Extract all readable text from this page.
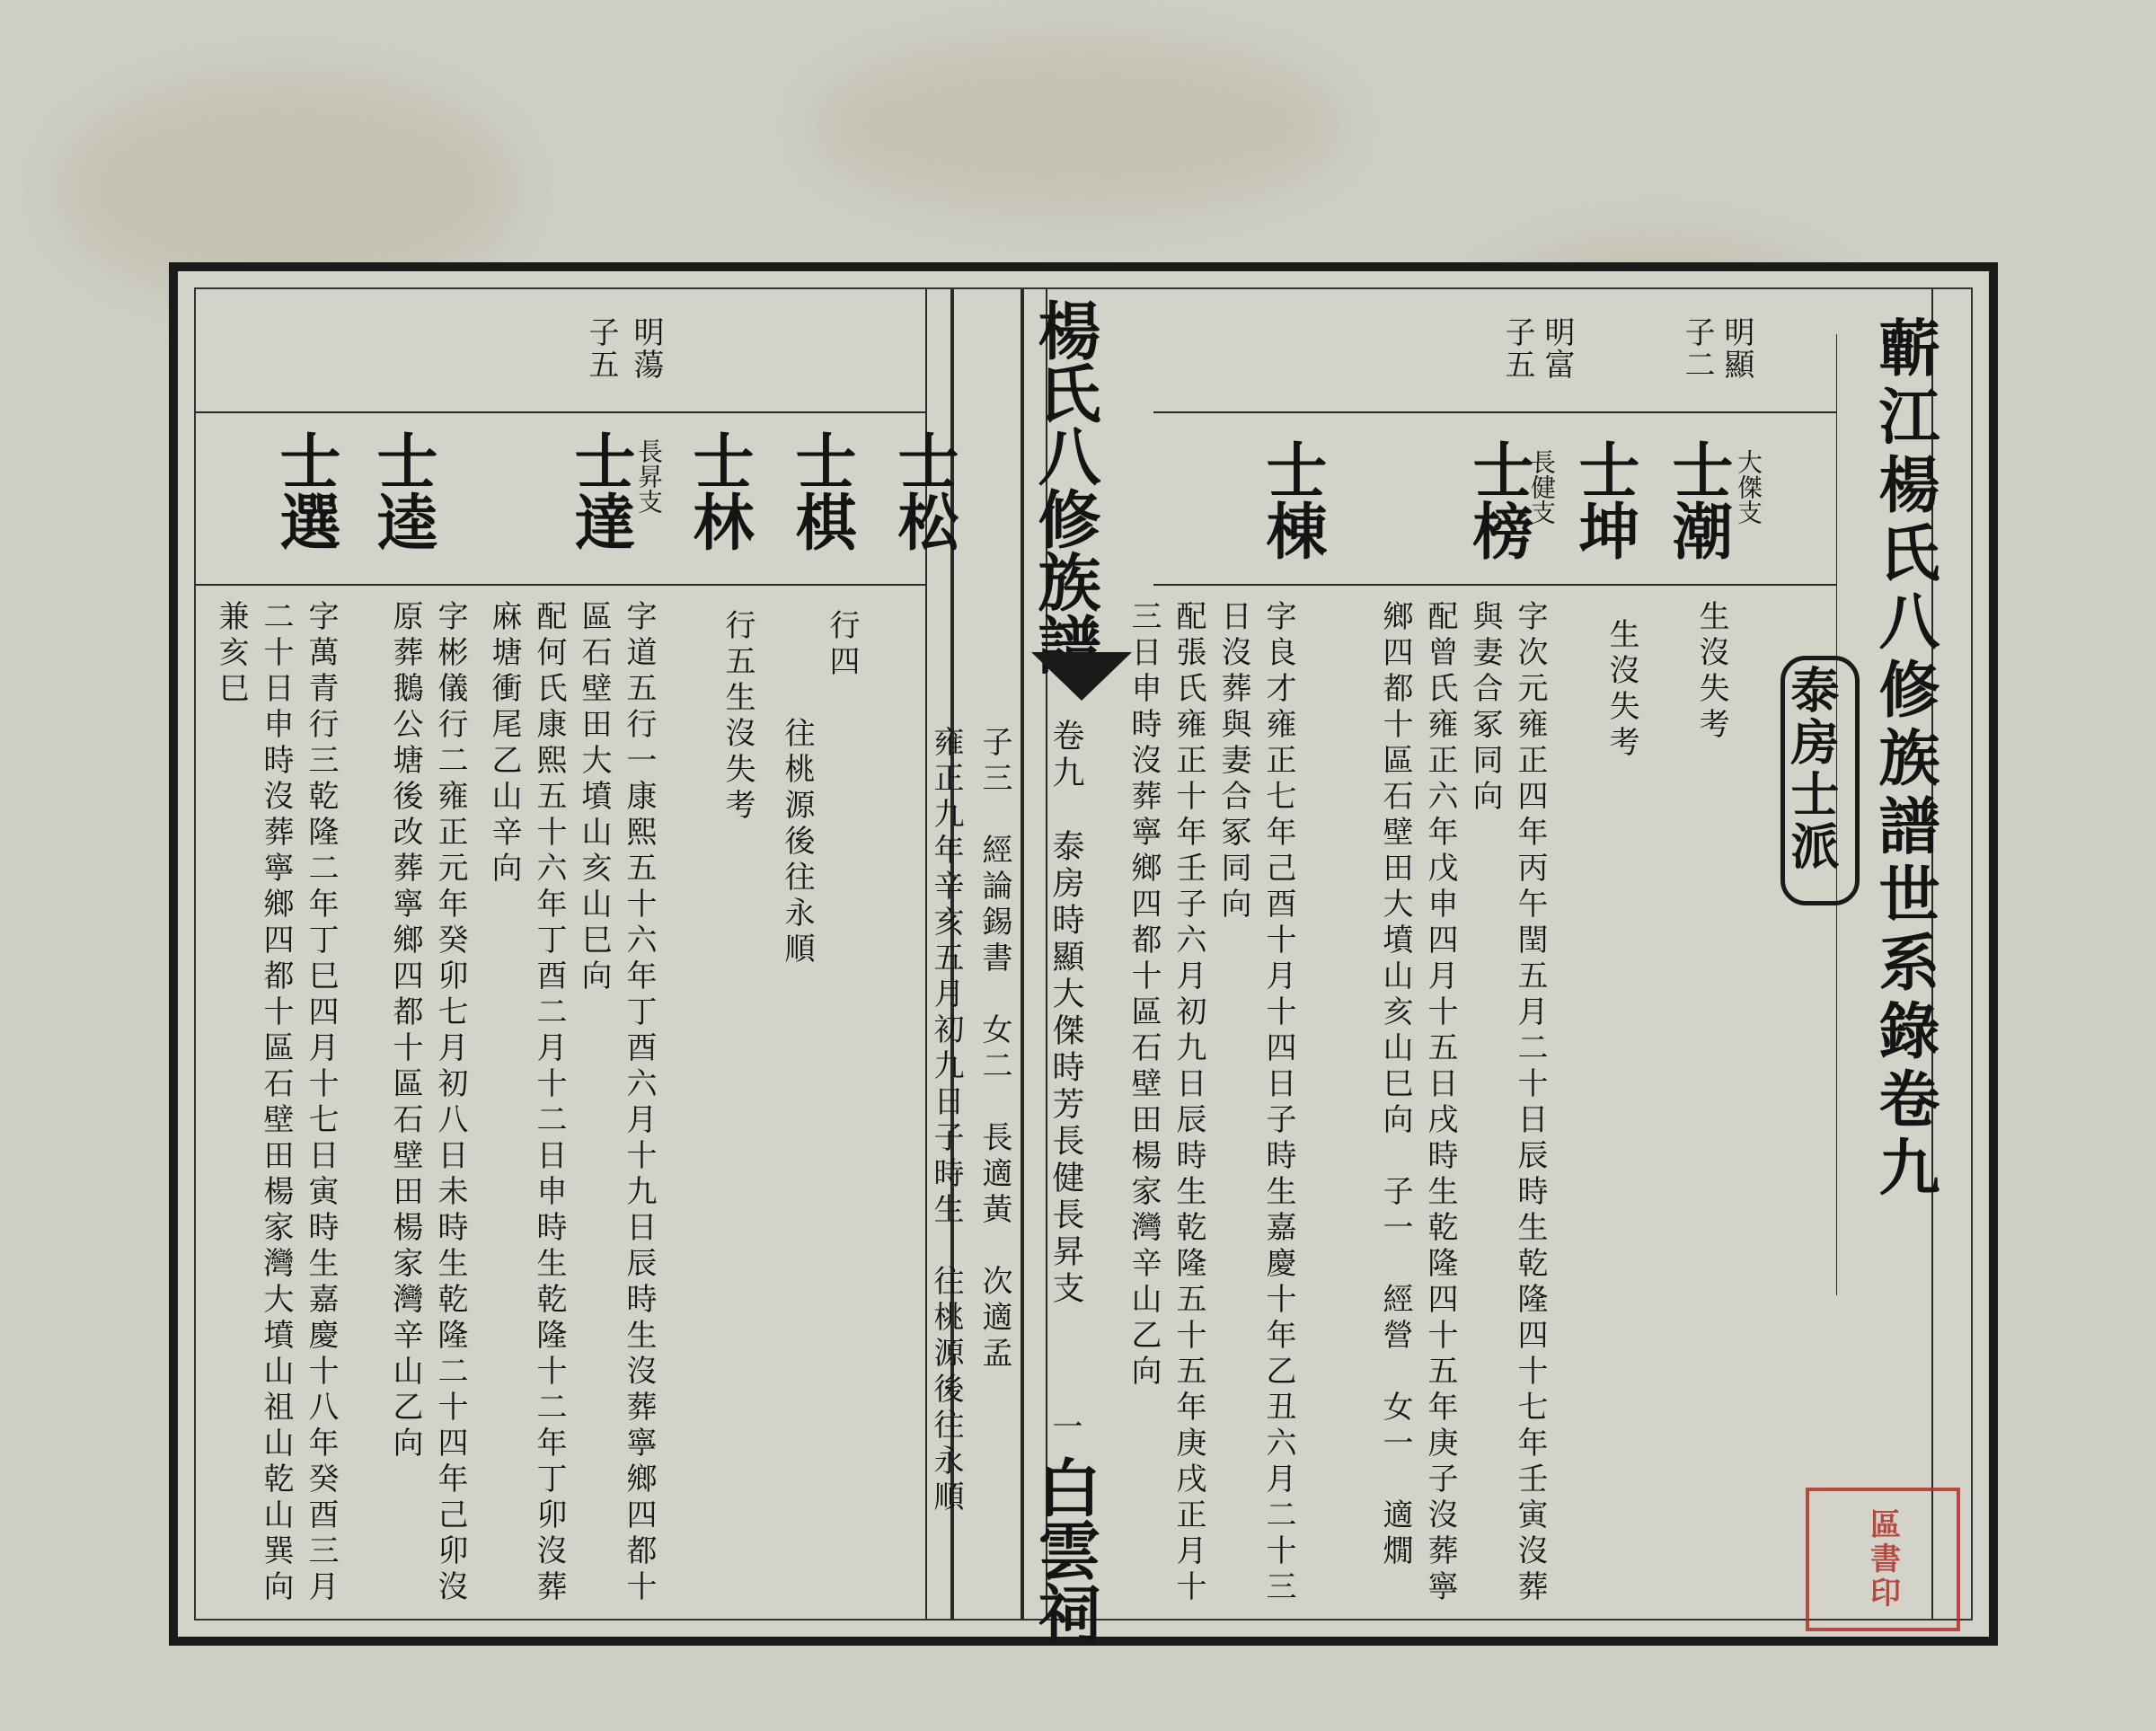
蘄江楊氏八修族譜世系錄卷九
泰房士派
楊氏八修族譜
卷九　泰房時顯大傑時芳長健長昇支
一
白雲祠
明顯
子二
明富
子五
士潮 大傑支
生沒失考
士坤
生沒失考
士榜
長健支
字次元雍正四年丙午閏五月二十日辰時生乾隆四十七年壬寅沒葬
與妻合冢同向
配曾氏雍正六年戊申四月十五日戌時生乾隆四十五年庚子沒葬寧
鄉四都十區石壁田大墳山亥山巳向　子一　經營　女一　適燗
士棟
字良才雍正七年己酉十月十四日子時生嘉慶十年乙丑六月二十三
日沒葬與妻合冢同向
配張氏雍正十年壬子六月初九日辰時生乾隆五十五年庚戌正月十
三日申時沒葬寧鄉四都十區石壁田楊家灣辛山乙向
明蕩
子五
士松
子三　經論錫書　女二　長適黃　次適孟
雍正九年辛亥五月初九日子時生　往桃源後往永順
士棋
行四
往桃源後往永順
士林
行五生沒失考
士達
長昇支
字道五行一康熙五十六年丁酉六月十九日辰時生沒葬寧鄉四都十
區石壁田大墳山亥山巳向
配何氏康熙五十六年丁酉二月十二日申時生乾隆十二年丁卯沒葬
麻塘衝尾乙山辛向
士逵
字彬儀行二雍正元年癸卯七月初八日未時生乾隆二十四年己卯沒
原葬鵝公塘後改葬寧鄉四都十區石壁田楊家灣辛山乙向
士選
字萬青行三乾隆二年丁巳四月十七日寅時生嘉慶十八年癸酉三月
二十日申時沒葬寧鄉四都十區石壁田楊家灣大墳山祖山乾山巽向
兼亥巳
區書印
